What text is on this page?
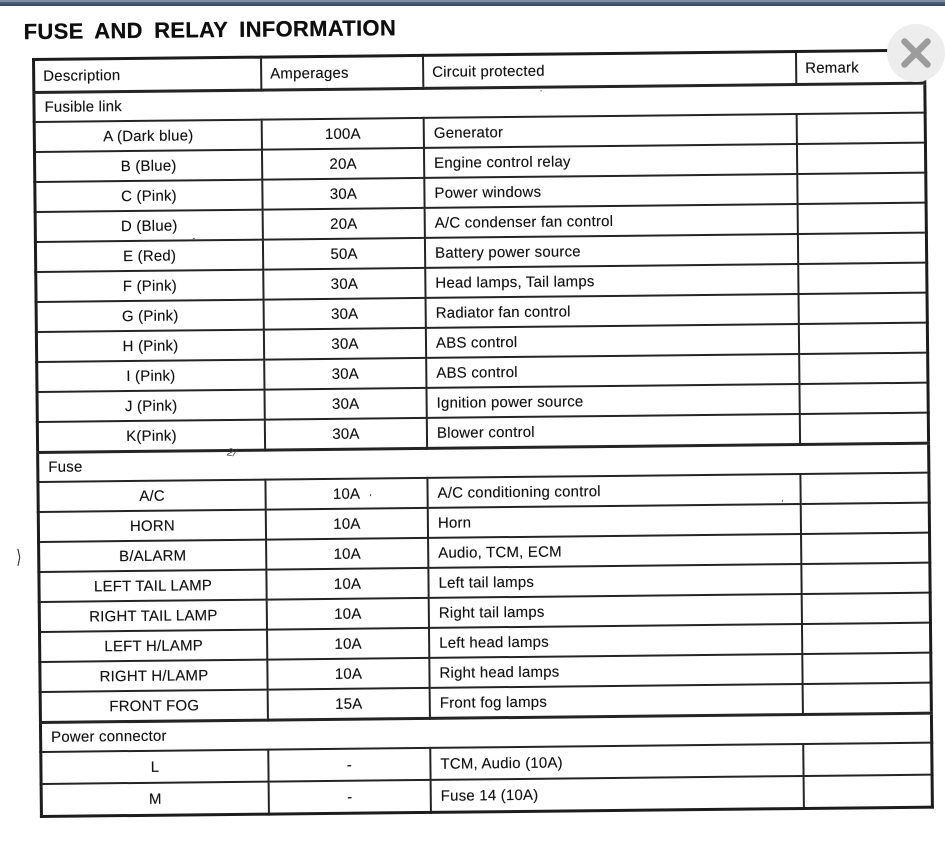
FUSE AND RELAY INFORMATION
Description	Amperages	Circuit protected	Remark
Fusible link			
A (Dark blue)	100A	Generator	
B (Blue)	20A	Engine control relay	
C (Pink)	30A	Power windows	
D (Blue)	20A	A/C condenser fan control	
E (Red)	50A	Battery power source	
F (Pink)	30A	Head lamps, Tail lamps	
G (Pink)	30A	Radiator fan control	
H (Pink)	30A	ABS control	
I (Pink)	30A	ABS control	
J (Pink)	30A	Ignition power source	
K(Pink)	30A	Blower control	
Fuse			
A/C	10A	A/C conditioning control	
HORN	10A	Horn	
B/ALARM	10A	Audio, TCM, ECM	
LEFT TAIL LAMP	10A	Left tail lamps	
RIGHT TAIL LAMP	10A	Right tail lamps	
LEFT H/LAMP	10A	Left head lamps	
RIGHT H/LAMP	10A	Right head lamps	
FRONT FOG	15A	Front fog lamps	
Power connector			
L	-	TCM, Audio (10A)	
M	-	Fuse 14 (10A)	
´
2/
⟩
'
·
'
